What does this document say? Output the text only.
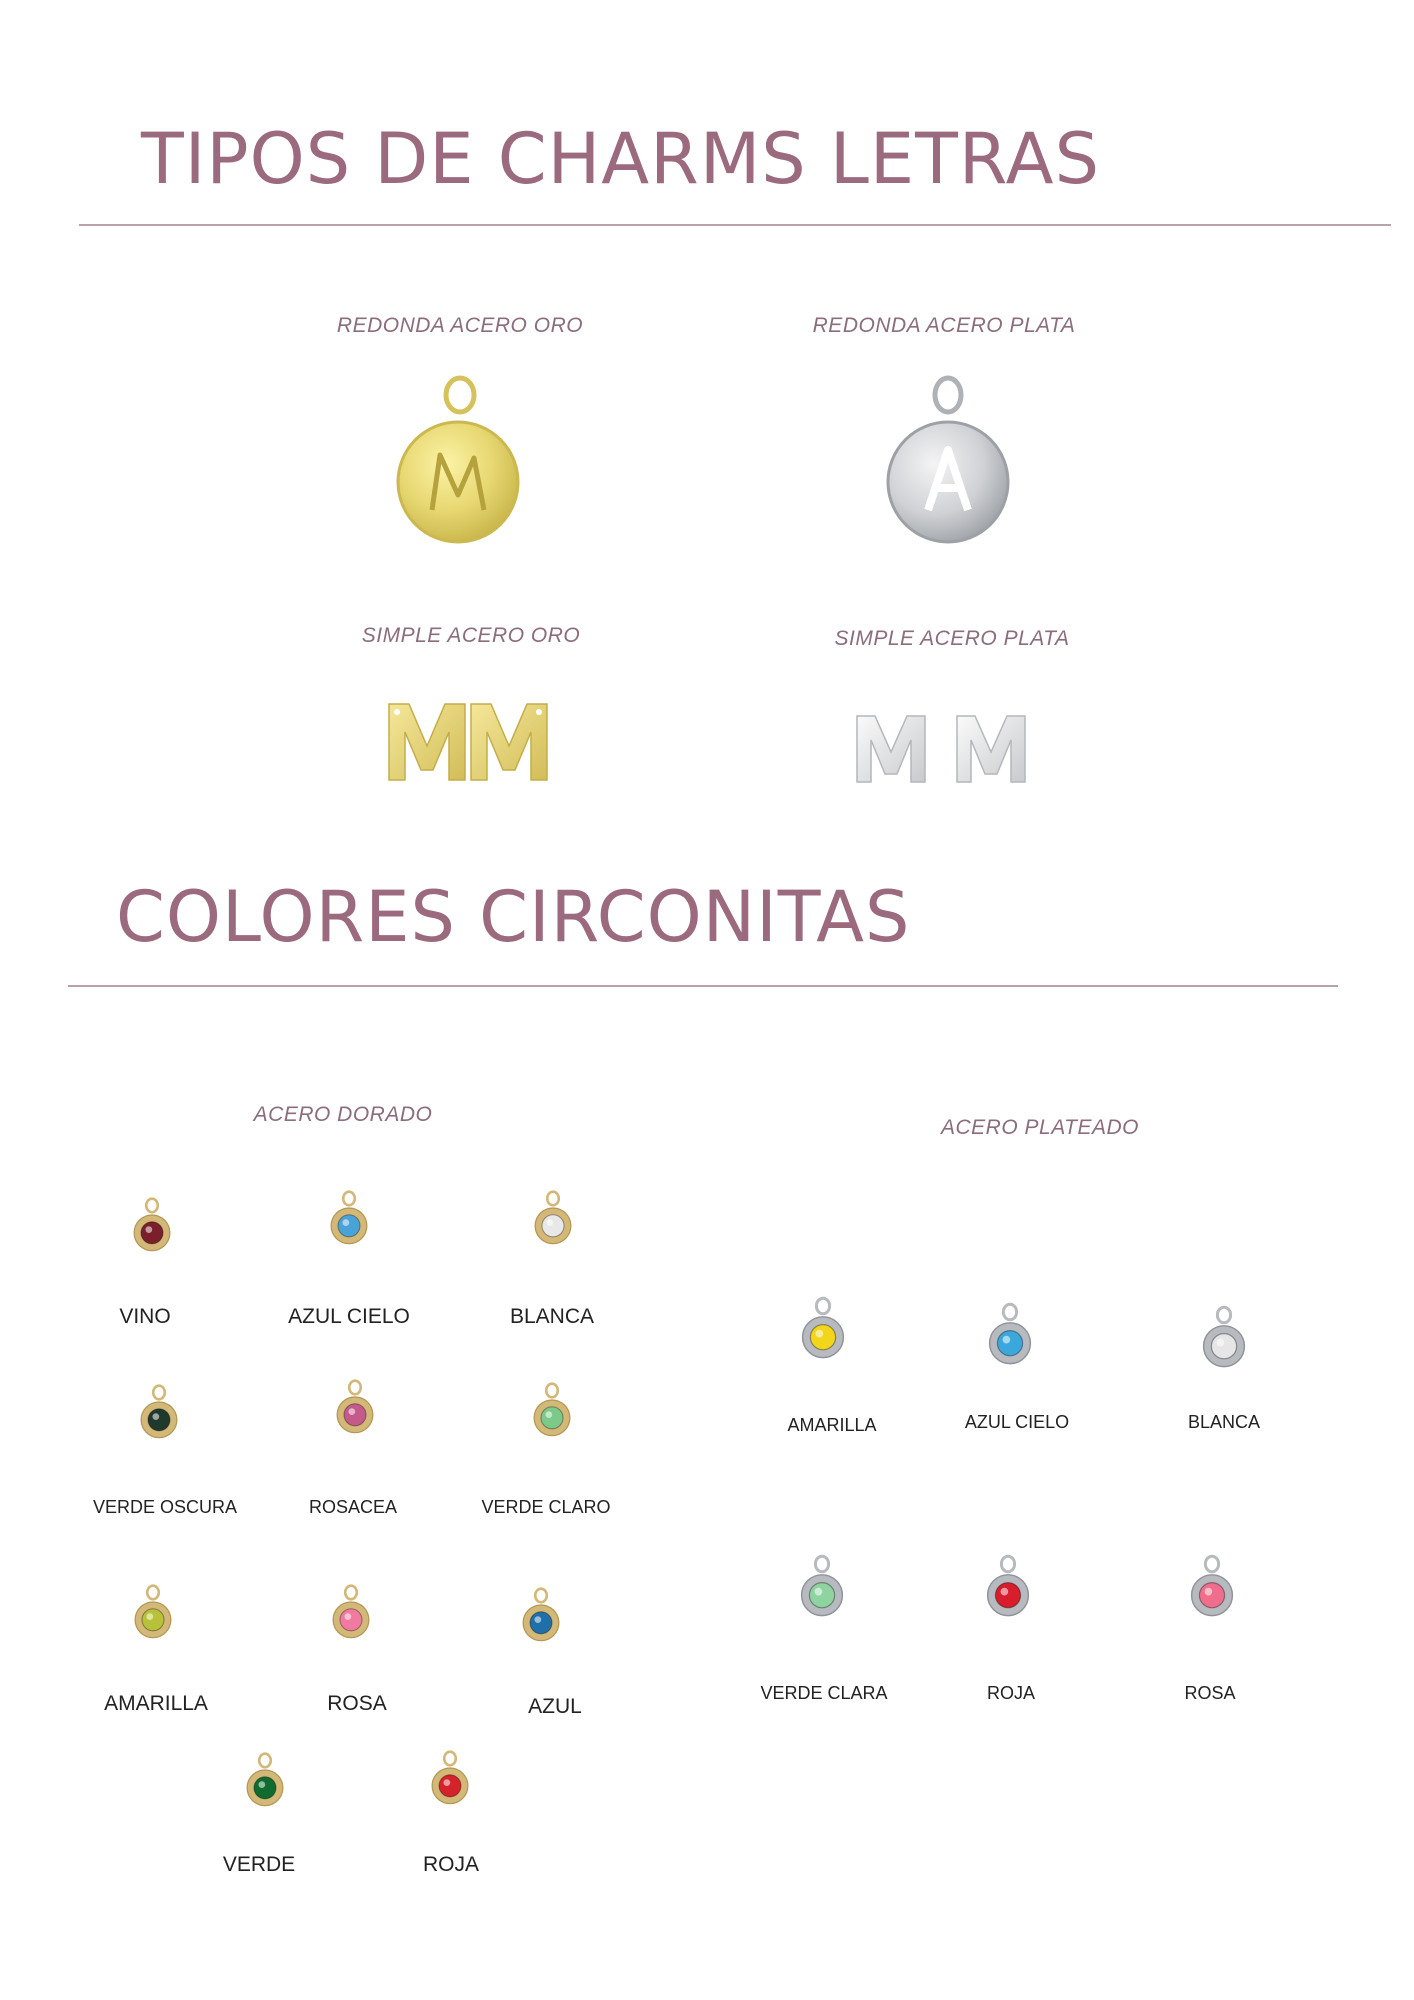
TIPOS DE CHARMS LETRAS
REDONDA ACERO ORO	REDONDA ACERO PLATA
SIMPLE ACERO ORO	SIMPLE ACERO PLATA
COLORES CIRCONITAS
ACERO DORADO
ACERO PLATEADO
VINO	AZUL CIELO	BLANCA
VERDE OSCURA	ROSACEA	VERDE CLARO
AMARILLA	ROSA	AZUL
VERDE	ROJA
AMARILLA	AZUL CIELO	BLANCA
VERDE CLARA	ROJA	ROSA
